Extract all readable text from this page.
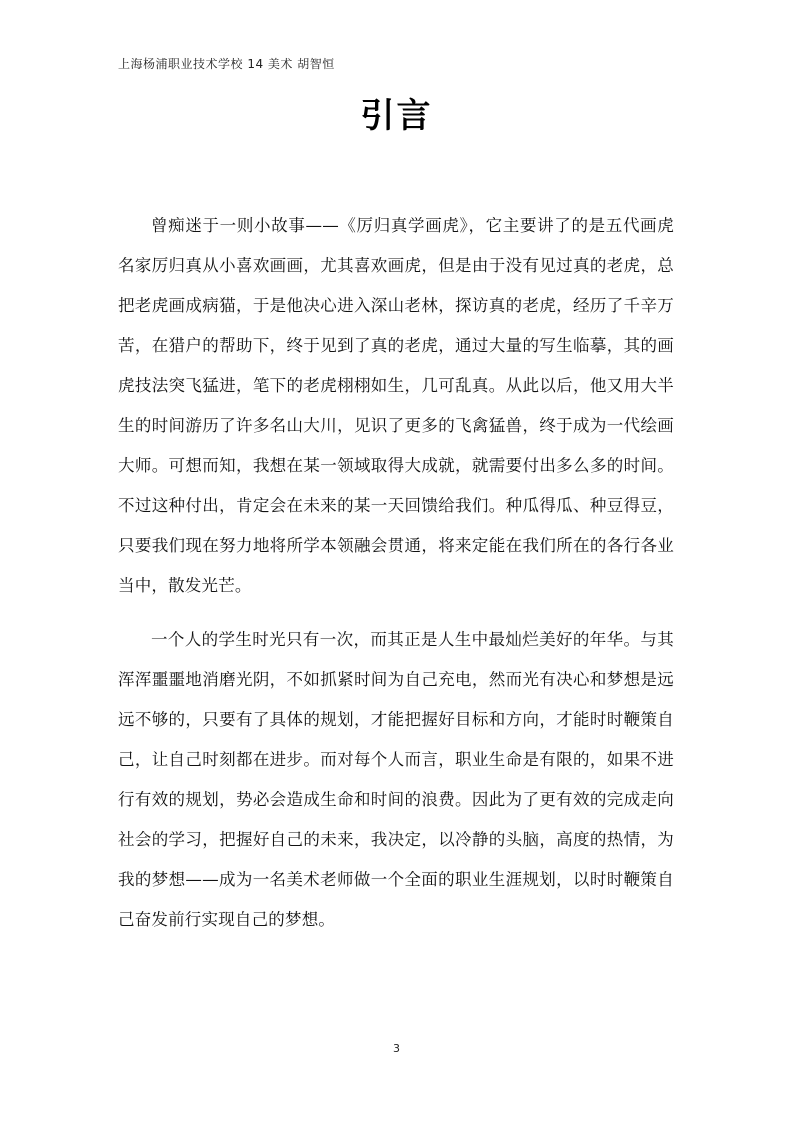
上海杨浦职业技术学校 14 美术 胡智恒
引言

曾痴迷于一则小故事——《厉归真学画虎》，它主要讲了的是五代画虎名家厉归真从小喜欢画画，尤其喜欢画虎，但是由于没有见过真的老虎，总把老虎画成病猫，于是他决心进入深山老林，探访真的老虎，经历了千辛万苦，在猎户的帮助下，终于见到了真的老虎，通过大量的写生临摹，其的画虎技法突飞猛进，笔下的老虎栩栩如生，几可乱真。从此以后，他又用大半生的时间游历了许多名山大川，见识了更多的飞禽猛兽，终于成为一代绘画大师。可想而知，我想在某一领域取得大成就，就需要付出多么多的时间。不过这种付出，肯定会在未来的某一天回馈给我们。种瓜得瓜、种豆得豆，只要我们现在努力地将所学本领融会贯通，将来定能在我们所在的各行各业当中，散发光芒。

一个人的学生时光只有一次，而其正是人生中最灿烂美好的年华。与其浑浑噩噩地消磨光阴，不如抓紧时间为自己充电，然而光有决心和梦想是远远不够的，只要有了具体的规划，才能把握好目标和方向，才能时时鞭策自己，让自己时刻都在进步。而对每个人而言，职业生命是有限的，如果不进行有效的规划，势必会造成生命和时间的浪费。因此为了更有效的完成走向社会的学习，把握好自己的未来，我决定，以冷静的头脑，高度的热情，为我的梦想——成为一名美术老师做一个全面的职业生涯规划，以时时鞭策自己奋发前行实现自己的梦想。

3
